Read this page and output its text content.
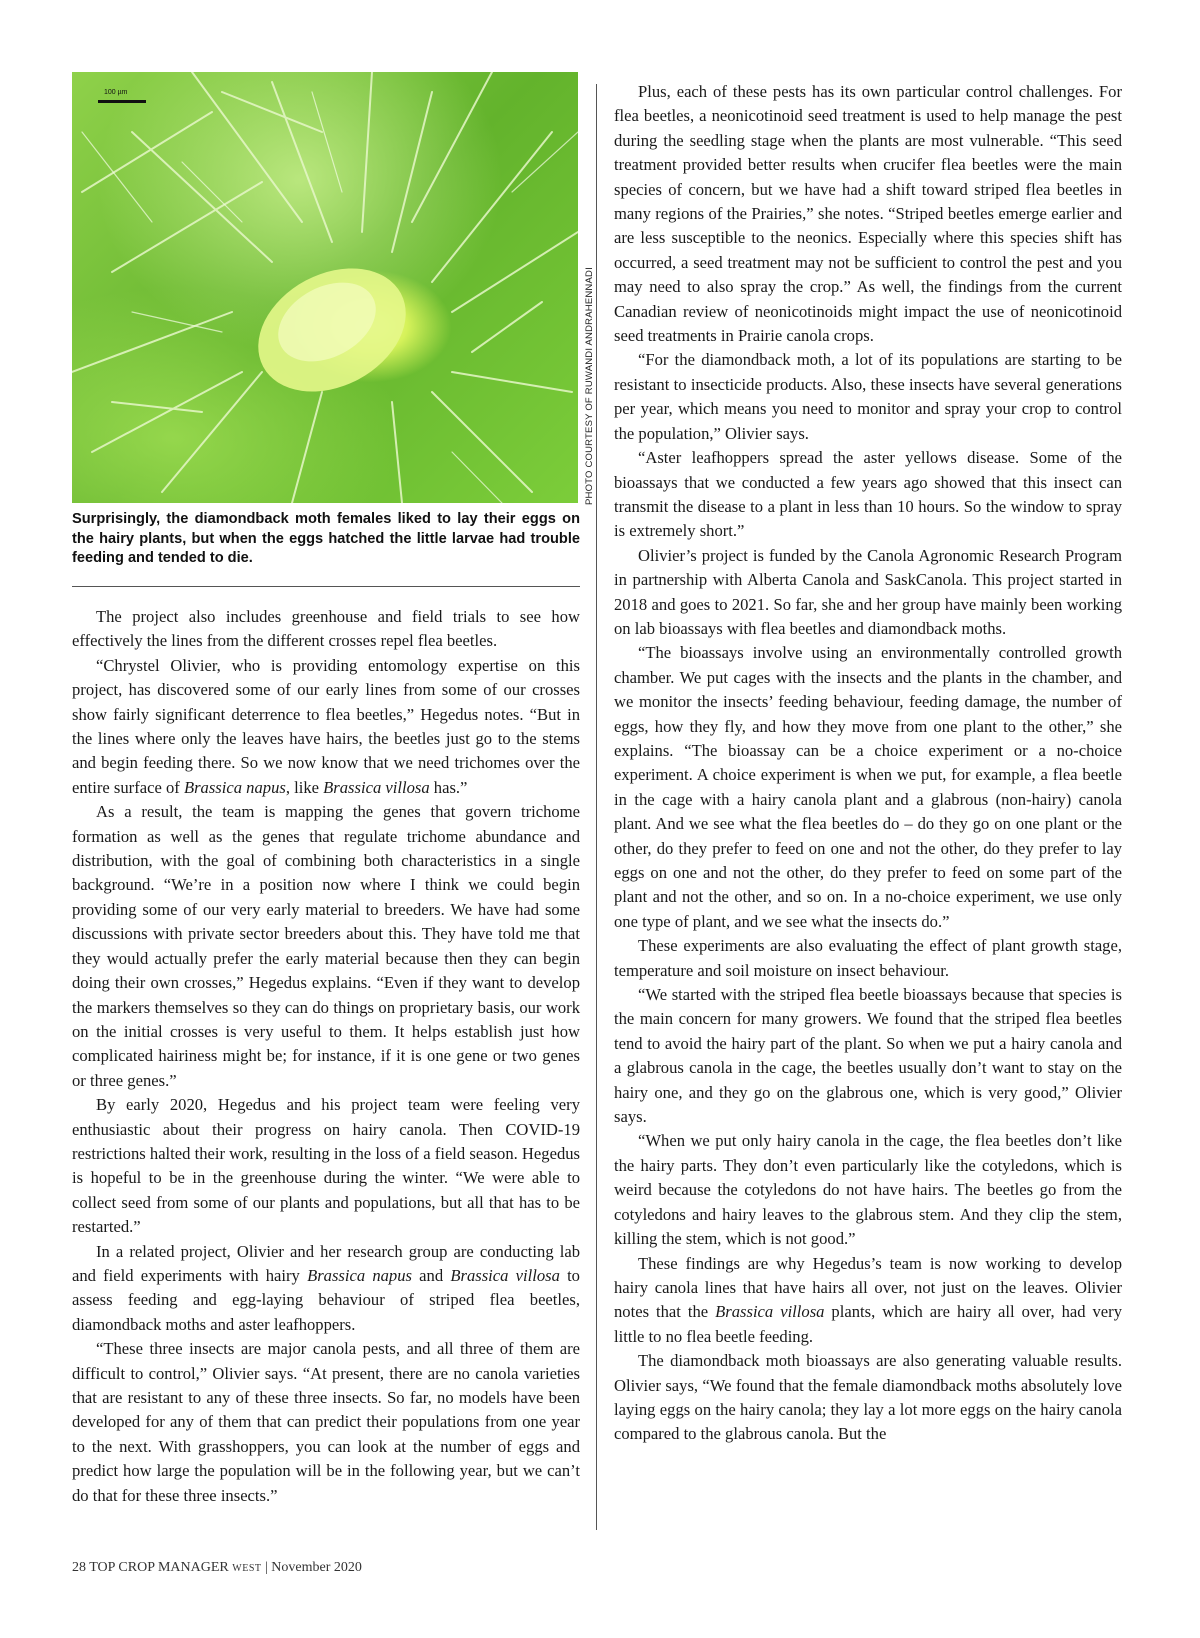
100 µm
PHOTO COURTESY OF RUWANDI ANDRAHENNADI
Surprisingly, the diamondback moth females liked to lay their eggs on the hairy plants, but when the eggs hatched the little larvae had trouble feeding and tended to die.

The project also includes greenhouse and field trials to see how effectively the lines from the different crosses repel flea beetles.

“Chrystel Olivier, who is providing entomology expertise on this project, has discovered some of our early lines from some of our crosses show fairly significant deterrence to flea beetles,” Hegedus notes. “But in the lines where only the leaves have hairs, the beetles just go to the stems and begin feeding there. So we now know that we need trichomes over the entire surface of Brassica napus, like Brassica villosa has.”

As a result, the team is mapping the genes that govern trichome formation as well as the genes that regulate trichome abundance and distribution, with the goal of combining both characteristics in a single background. “We’re in a position now where I think we could begin providing some of our very early material to breeders. We have had some discussions with private sector breeders about this. They have told me that they would actually prefer the early material because then they can begin doing their own crosses,” Hegedus explains. “Even if they want to develop the markers themselves so they can do things on proprietary basis, our work on the initial crosses is very useful to them. It helps establish just how complicated hairiness might be; for instance, if it is one gene or two genes or three genes.”

By early 2020, Hegedus and his project team were feeling very enthusiastic about their progress on hairy canola. Then COVID-19 restrictions halted their work, resulting in the loss of a field season. Hegedus is hopeful to be in the greenhouse during the winter. “We were able to collect seed from some of our plants and populations, but all that has to be restarted.”

In a related project, Olivier and her research group are conducting lab and field experiments with hairy Brassica napus and Brassica villosa to assess feeding and egg-laying behaviour of striped flea beetles, diamondback moths and aster leafhoppers.

“These three insects are major canola pests, and all three of them are difficult to control,” Olivier says. “At present, there are no canola varieties that are resistant to any of these three insects. So far, no models have been developed for any of them that can predict their populations from one year to the next. With grasshoppers, you can look at the number of eggs and predict how large the population will be in the following year, but we can’t do that for these three insects.”

Plus, each of these pests has its own particular control challenges. For flea beetles, a neonicotinoid seed treatment is used to help manage the pest during the seedling stage when the plants are most vulnerable. “This seed treatment provided better results when crucifer flea beetles were the main species of concern, but we have had a shift toward striped flea beetles in many regions of the Prairies,” she notes. “Striped beetles emerge earlier and are less susceptible to the neonics. Especially where this species shift has occurred, a seed treatment may not be sufficient to control the pest and you may need to also spray the crop.” As well, the findings from the current Canadian review of neonicotinoids might impact the use of neonicotinoid seed treatments in Prairie canola crops.

“For the diamondback moth, a lot of its populations are starting to be resistant to insecticide products. Also, these insects have several generations per year, which means you need to monitor and spray your crop to control the population,” Olivier says.

“Aster leafhoppers spread the aster yellows disease. Some of the bioassays that we conducted a few years ago showed that this insect can transmit the disease to a plant in less than 10 hours. So the window to spray is extremely short.”

Olivier’s project is funded by the Canola Agronomic Research Program in partnership with Alberta Canola and SaskCanola. This project started in 2018 and goes to 2021. So far, she and her group have mainly been working on lab bioassays with flea beetles and diamondback moths.

“The bioassays involve using an environmentally controlled growth chamber. We put cages with the insects and the plants in the chamber, and we monitor the insects’ feeding behaviour, feeding damage, the number of eggs, how they fly, and how they move from one plant to the other,” she explains. “The bioassay can be a choice experiment or a no-choice experiment. A choice experiment is when we put, for example, a flea beetle in the cage with a hairy canola plant and a glabrous (non-hairy) canola plant. And we see what the flea beetles do – do they go on one plant or the other, do they prefer to feed on one and not the other, do they prefer to lay eggs on one and not the other, do they prefer to feed on some part of the plant and not the other, and so on. In a no-choice experiment, we use only one type of plant, and we see what the insects do.”

These experiments are also evaluating the effect of plant growth stage, temperature and soil moisture on insect behaviour.

“We started with the striped flea beetle bioassays because that species is the main concern for many growers. We found that the striped flea beetles tend to avoid the hairy part of the plant. So when we put a hairy canola and a glabrous canola in the cage, the beetles usually don’t want to stay on the hairy one, and they go on the glabrous one, which is very good,” Olivier says.

“When we put only hairy canola in the cage, the flea beetles don’t like the hairy parts. They don’t even particularly like the cotyledons, which is weird because the cotyledons do not have hairs. The beetles go from the cotyledons and hairy leaves to the glabrous stem. And they clip the stem, killing the stem, which is not good.”

These findings are why Hegedus’s team is now working to develop hairy canola lines that have hairs all over, not just on the leaves. Olivier notes that the Brassica villosa plants, which are hairy all over, had very little to no flea beetle feeding.

The diamondback moth bioassays are also generating valuable results. Olivier says, “We found that the female diamondback moths absolutely love laying eggs on the hairy canola; they lay a lot more eggs on the hairy canola compared to the glabrous canola. But the

28 TOP CROP MANAGER WEST | November 2020
